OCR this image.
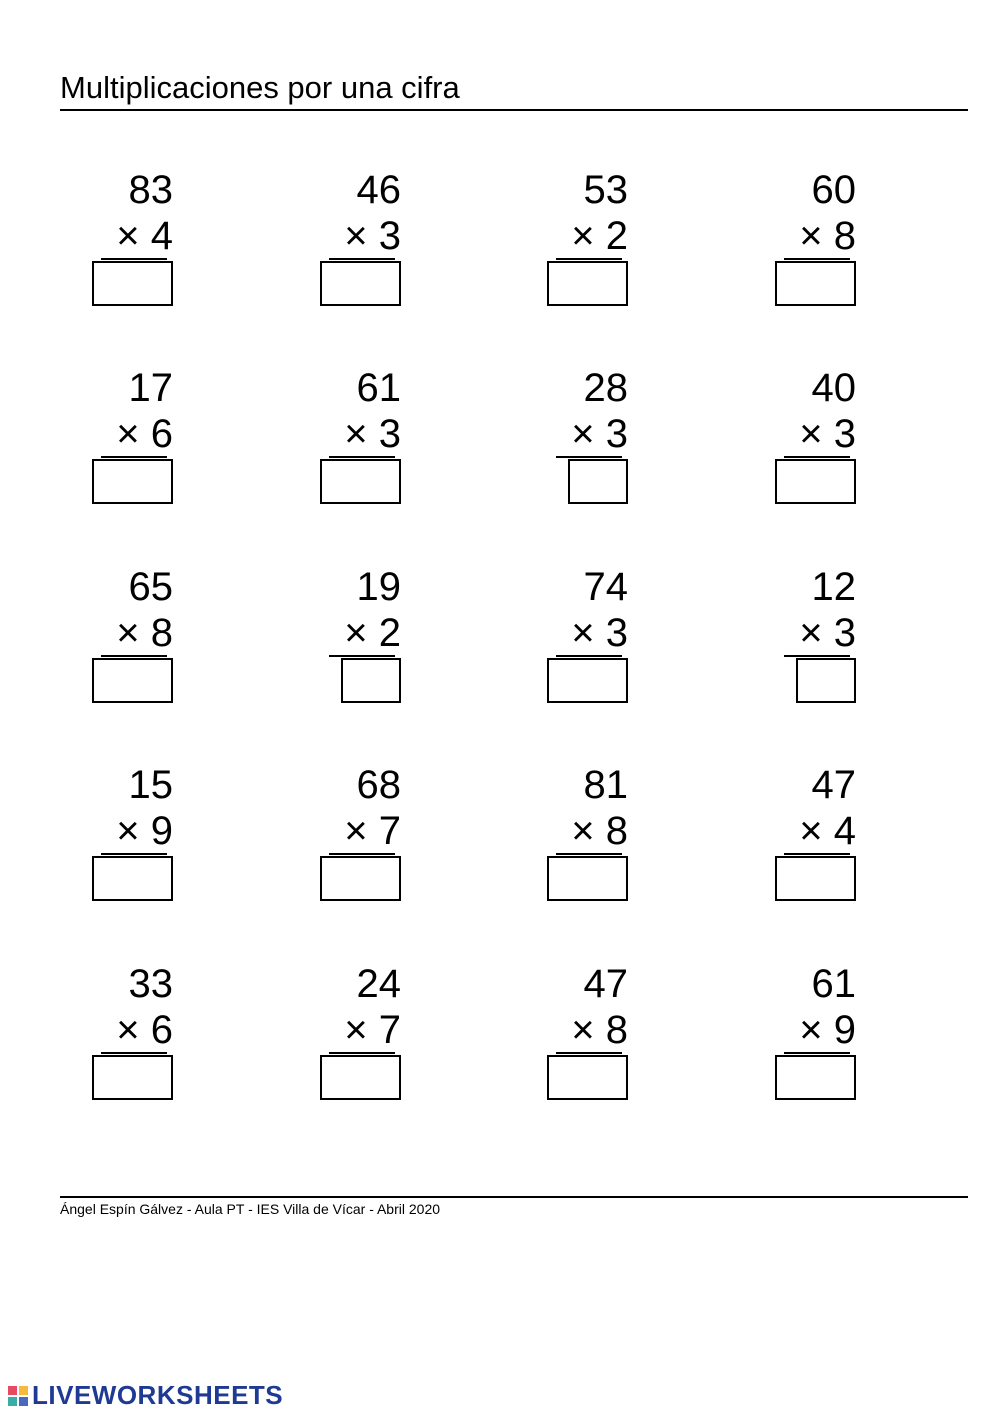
Multiplicaciones por una cifra
83
× 4
46
× 3
53
× 2
60
× 8
17
× 6
61
× 3
28
× 3
40
× 3
65
× 8
19
× 2
74
× 3
12
× 3
15
× 9
68
× 7
81
× 8
47
× 4
33
× 6
24
× 7
47
× 8
61
× 9
Ángel Espín Gálvez - Aula PT - IES Villa de Vícar - Abril 2020
LIVEWORKSHEETS
